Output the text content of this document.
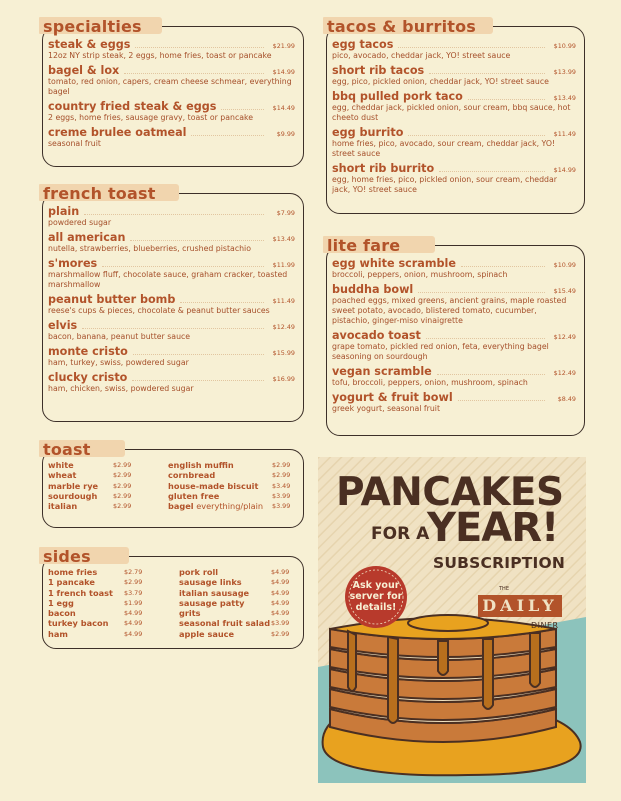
specialties
steak & eggs	$21.99
12oz NY strip steak, 2 eggs, home fries, toast or pancake
bagel & lox	$14.99
tomato, red onion, capers, cream cheese schmear, everything bagel
country fried steak & eggs	$14.49
2 eggs, home fries, sausage gravy, toast or pancake
creme brulee oatmeal	$9.99
seasonal fruit
french toast
plain	$7.99
powdered sugar
all american	$13.49
nutella, strawberries, blueberries, crushed pistachio
s'mores	$11.99
marshmallow fluff, chocolate sauce, graham cracker, toasted marshmallow
peanut butter bomb	$11.49
reese's cups & pieces, chocolate & peanut butter sauces
elvis	$12.49
bacon, banana, peanut butter sauce
monte cristo	$15.99
ham, turkey, swiss, powdered sugar
clucky cristo	$16.99
ham, chicken, swiss, powdered sugar
toast
white	$2.99
wheat	$2.99
marble rye	$2.99
sourdough	$2.99
italian	$2.99
english muffin	$2.99
cornbread	$2.99
house-made biscuit	$3.49
gluten free	$3.99
bagel everything/plain	$3.99
sides
home fries	$2.79
1 pancake	$2.99
1 french toast	$3.79
1 egg	$1.99
bacon	$4.99
turkey bacon	$4.99
ham	$4.99
pork roll	$4.99
sausage links	$4.99
italian sausage	$4.99
sausage patty	$4.99
grits	$4.99
seasonal fruit salad $3.99
apple sauce	$2.99
tacos & burritos
egg tacos	$10.99
pico, avocado, cheddar jack, YO! street sauce
short rib tacos	$13.99
egg, pico, pickled onion, cheddar jack, YO! street sauce
bbq pulled pork taco	$13.49
egg, cheddar jack, pickled onion, sour cream, bbq sauce, hot cheeto dust
egg burrito	$11.49
home fries, pico, avocado, sour cream, cheddar jack, YO! street sauce
short rib burrito	$14.99
egg, home fries, pico, pickled onion, sour cream, cheddar jack, YO! street sauce
lite fare
egg white scramble	$10.99
broccoli, peppers, onion, mushroom, spinach
buddha bowl	$15.49
poached eggs, mixed greens, ancient grains, maple roasted sweet potato, avocado, blistered tomato, cucumber, pistachio, ginger-miso vinaigrette
avocado toast	$12.49
grape tomato, pickled red onion, feta, everything bagel seasoning on sourdough
vegan scramble	$12.49
tofu, broccoli, peppers, onion, mushroom, spinach
yogurt & fruit bowl	$8.49
greek yogurt, seasonal fruit
PANCAKES
FOR A
YEAR!
SUBSCRIPTION
Ask your
server for
details!
THE
DAILY
DINER
